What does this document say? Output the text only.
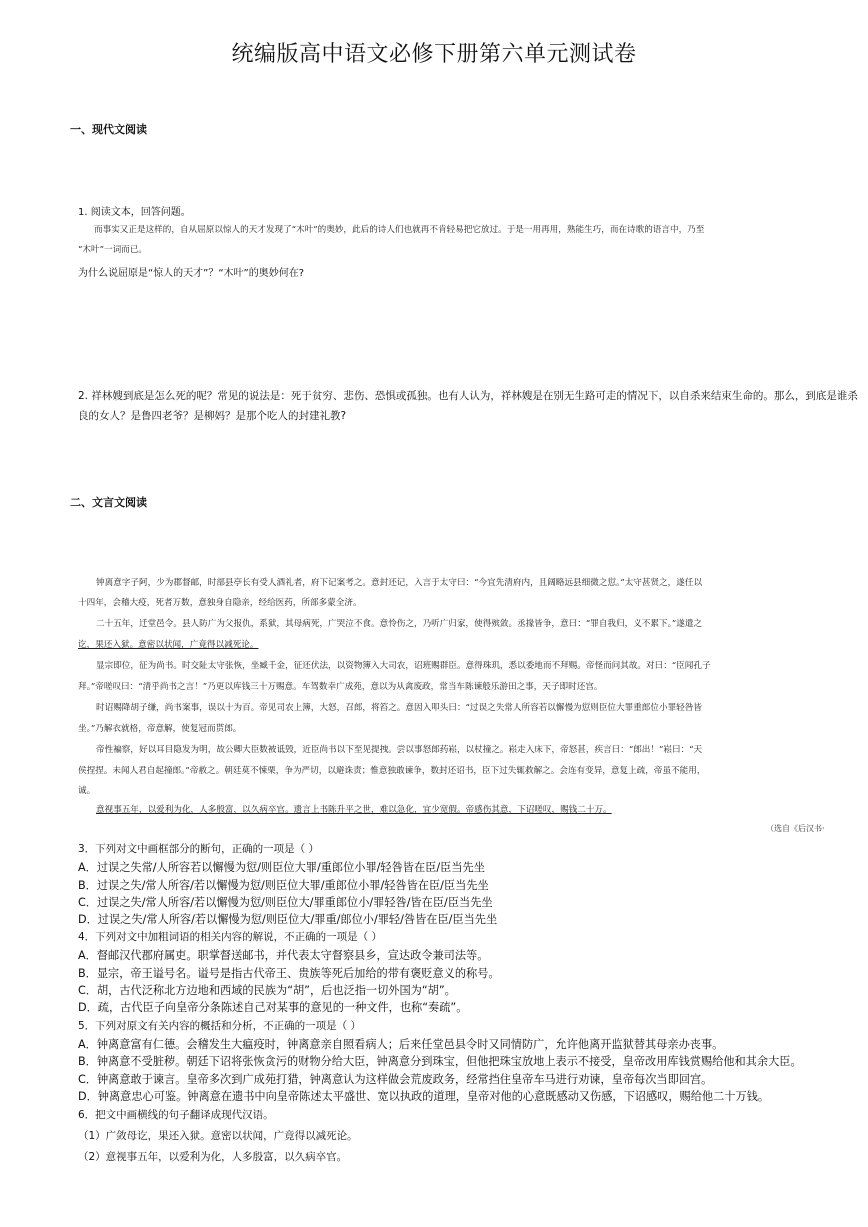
统编版高中语文必修下册第六单元测试卷
一、现代文阅读
1. 阅读文本，回答问题。
而事实又正是这样的，自从屈原以惊人的天才发现了“木叶”的奥妙，此后的诗人们也就再不肯轻易把它放过。于是一用再用，熟能生巧，而在诗歌的语言中，乃至
“木叶”一词而已。
为什么说屈原是“惊人的天才”？“木叶”的奥妙何在?
2. 祥林嫂到底是怎么死的呢？常见的说法是：死于贫穷、悲伤、恐惧或孤独。也有人认为，祥林嫂是在别无生路可走的情况下，以自杀来结束生命的。那么，到底是谁杀
良的女人？是鲁四老爷？是柳妈？是那个吃人的封建礼教?
二、文言文阅读
钟离意字子阿，少为郡督邮，时部县亭长有受人酒礼者，府下记案考之。意封还记，入言于太守曰：“今宜先清府内，且阔略远县细微之愆。”太守甚贤之，遂任以
十四年，会稽大疫，死者万数，意独身自隐亲，经给医药，所部多蒙全济。
二十五年，迁堂邑令。县人防广为父报仇，系狱，其母病死，广哭泣不食。意怜伤之，乃听广归家，使得殡敛。丞掾皆争，意曰：“罪自我归，义不累下。”遂遣之
讫，果还入狱。意密以状闻，广竟得以减死论。
显宗即位，征为尚书。时交阯太守张恢，坐臧千金，征还伏法，以资物簿入大司农，诏班赐群臣。意得珠玑，悉以委地而不拜赐。帝怪而问其故。对曰：“臣闻孔子
拜。”帝嗟叹曰：“清乎尚书之言！”乃更以库钱三十万赐意。车驾数幸广成苑，意以为从禽废政，常当车陈谏般乐游田之事，天子即时还宫。
时诏赐降胡子缣，尚书案事，误以十为百。帝见司农上簿，大怒，召郎，将笞之。意因入叩头曰：“过误之失常人所容若以懈慢为愆则臣位大罪重郎位小罪轻咎皆
坐。”乃解衣就格，帝意解，使复冠而贳郎。
帝性褊察，好以耳目隐发为明，故公卿大臣数被诋毁，近臣尚书以下至见提拽。尝以事怒郎药崧，以杖撞之。崧走入床下，帝怒甚，疾言曰：“郎出！”崧曰：“天
侯捏捏。未闻人君自起撞郎。”帝赦之。朝廷莫不悚栗，争为严切，以避诛责；惟意独敢谏争，数封还诏书，臣下过失辄救解之。会连有变异，意复上疏，帝虽不能用，
诚。
意视事五年，以爱利为化，人多殷富，以久病卒官。遗言上书陈升平之世，难以急化，宜少宽假。帝感伤其意，下诏嗟叹，赐钱二十万。
（选自《后汉书·
3．下列对文中画框部分的断句，正确的一项是（ ）
A．过误之失常/人所容若以懈慢为愆/则臣位大罪/重郎位小罪/轻咎皆在臣/臣当先坐
B．过误之失/常人所容/若以懈慢为愆/则臣位大罪/重郎位小罪/轻咎皆在臣/臣当先坐
C．过误之失/常人所容/若以懈慢为愆/则臣位大/罪重郎位小/罪轻咎/皆在臣/臣当先坐
D．过误之失/常人所容/若以懈慢为愆/则臣位大/罪重/郎位小/罪轻/咎皆在臣/臣当先坐
4．下列对文中加粗词语的相关内容的解说，不正确的一项是（ ）
A．督邮汉代郡府属吏。职掌督送邮书，并代表太守督察县乡，宣达政令兼司法等。
B．显宗，帝王谥号名。谥号是指古代帝王、贵族等死后加给的带有褒贬意义的称号。
C．胡，古代泛称北方边地和西域的民族为“胡”，后也泛指一切外国为“胡”。
D．疏，古代臣子向皇帝分条陈述自己对某事的意见的一种文件，也称“奏疏”。
5．下列对原文有关内容的概括和分析，不正确的一项是（ ）
A．钟离意富有仁德。会稽发生大瘟疫时，钟离意亲自照看病人；后来任堂邑县令时又同情防广，允许他离开监狱替其母亲办丧事。
B．钟离意不受脏秽。朝廷下诏将张恢贪污的财物分给大臣，钟离意分到珠宝，但他把珠宝放地上表示不接受，皇帝改用库钱赏赐给他和其余大臣。
C．钟离意敢于谏言。皇帝多次到广成苑打猎，钟离意认为这样做会荒废政务，经常挡住皇帝车马进行劝谏，皇帝每次当即回宫。
D．钟离意忠心可鉴。钟离意在遗书中向皇帝陈述太平盛世、宽以执政的道理，皇帝对他的心意既感动又伤感，下诏感叹，赐给他二十万钱。
6．把文中画横线的句子翻译成现代汉语。
（1）广敛母讫，果还入狱。意密以状闻，广竟得以减死论。
（2）意视事五年，以爱利为化，人多殷富，以久病卒官。
